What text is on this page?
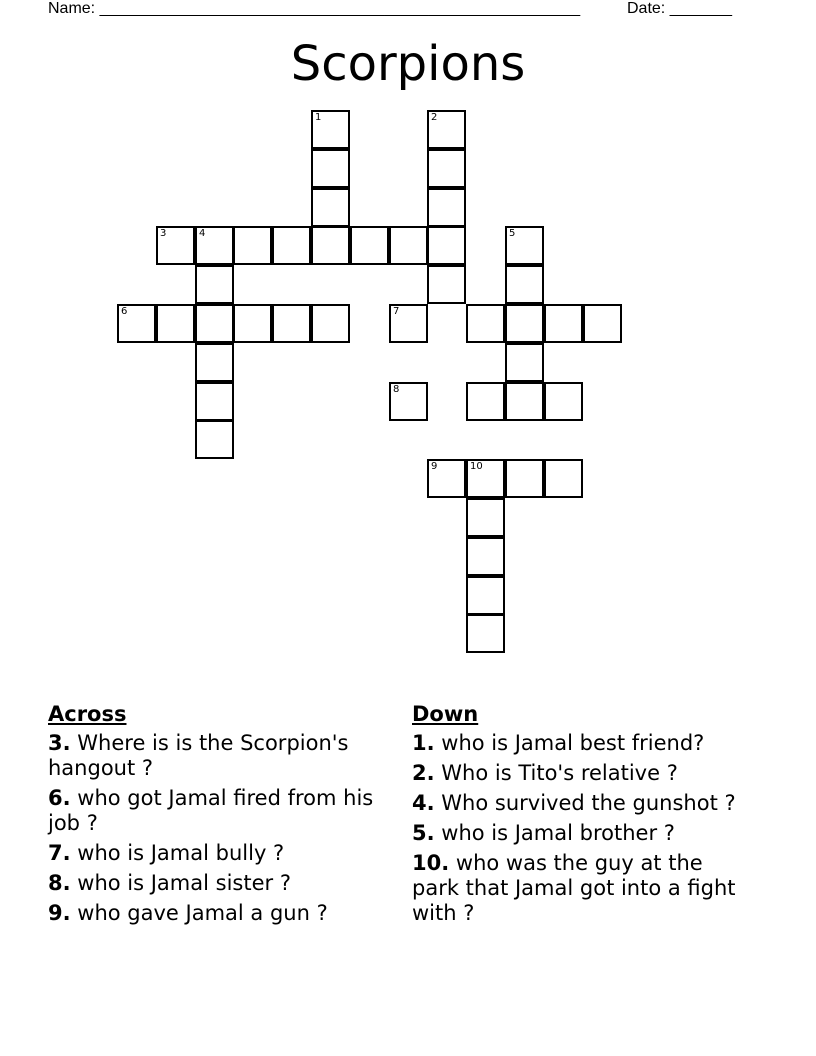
Name: ______________________________________________________	Date: _______
Scorpions
1	2
3	4	5
6	7
8
9	10
Across
3. Where is is the Scorpion's hangout ?
6. who got Jamal fired from his job ?
7. who is Jamal bully ?
8. who is Jamal sister ?
9. who gave Jamal a gun ?
Down
1. who is Jamal best friend?
2. Who is Tito's relative ?
4. Who survived the gunshot ?
5. who is Jamal brother ?
10. who was the guy at the park that Jamal got into a fight with ?
